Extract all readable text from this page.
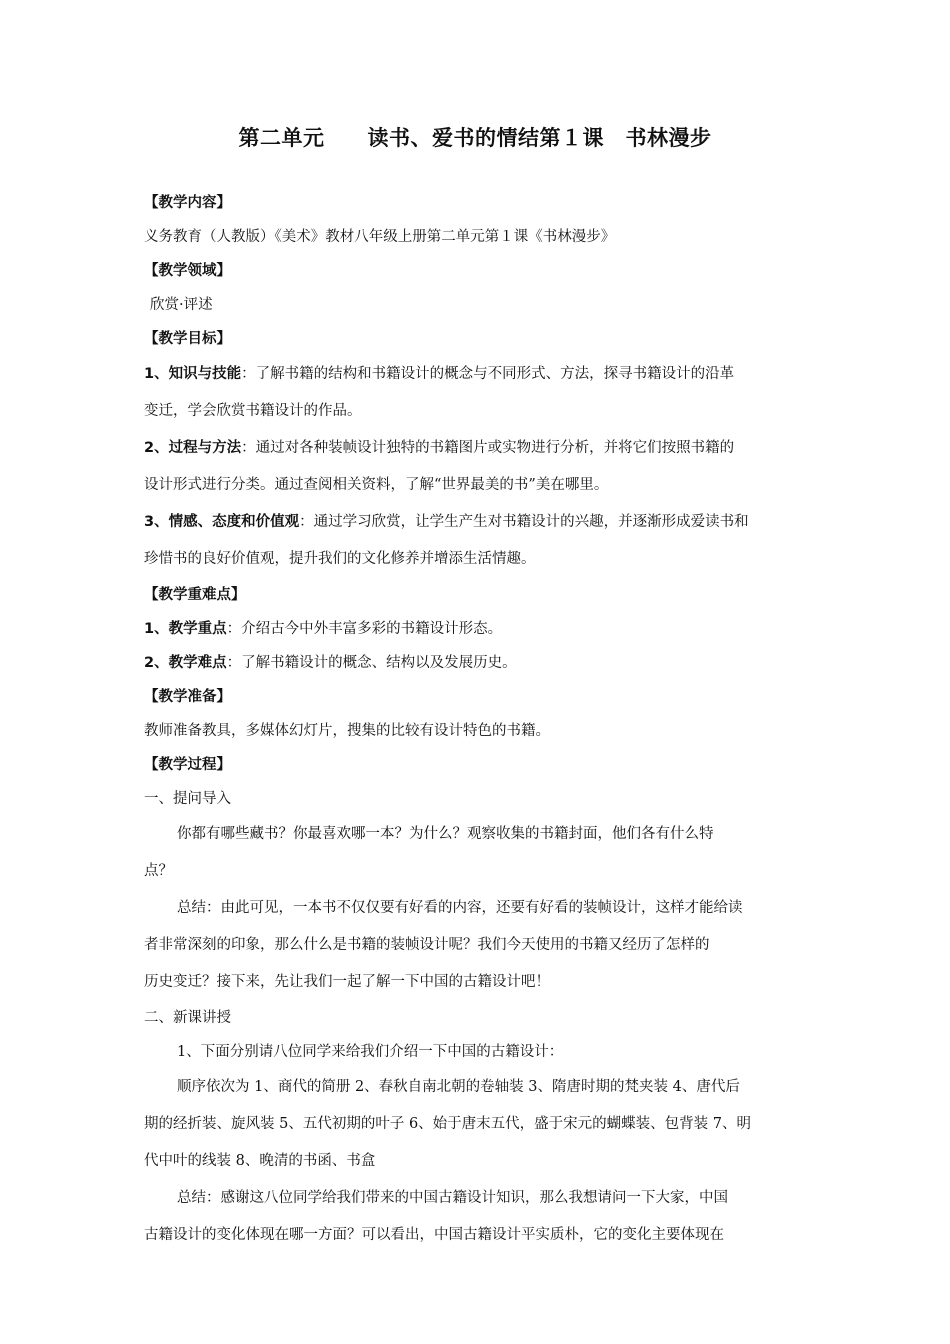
第二单元　　读书、爱书的情结第１课　书林漫步
【教学内容】
义务教育（人教版）《美术》教材八年级上册第二单元第１课《书林漫步》
【教学领域】
欣赏·评述
【教学目标】
1、知识与技能：了解书籍的结构和书籍设计的概念与不同形式、方法，探寻书籍设计的沿革
变迁，学会欣赏书籍设计的作品。
2、过程与方法：通过对各种装帧设计独特的书籍图片或实物进行分析，并将它们按照书籍的
设计形式进行分类。通过查阅相关资料，了解“世界最美的书”美在哪里。
3、情感、态度和价值观：通过学习欣赏，让学生产生对书籍设计的兴趣，并逐渐形成爱读书和
珍惜书的良好价值观，提升我们的文化修养并增添生活情趣。
【教学重难点】
1、教学重点：介绍古今中外丰富多彩的书籍设计形态。
2、教学难点：了解书籍设计的概念、结构以及发展历史。
【教学准备】
教师准备教具，多媒体幻灯片，搜集的比较有设计特色的书籍。
【教学过程】
一、提问导入
你都有哪些藏书？你最喜欢哪一本？为什么？观察收集的书籍封面，他们各有什么特
点？
总结：由此可见，一本书不仅仅要有好看的内容，还要有好看的装帧设计，这样才能给读
者非常深刻的印象，那么什么是书籍的装帧设计呢？我们今天使用的书籍又经历了怎样的
历史变迁？接下来，先让我们一起了解一下中国的古籍设计吧！
二、新课讲授
1、下面分别请八位同学来给我们介绍一下中国的古籍设计：
顺序依次为 1、商代的简册 2、春秋自南北朝的卷轴装 3、隋唐时期的梵夹装 4、唐代后
期的经折装、旋风装 5、五代初期的叶子 6、始于唐末五代，盛于宋元的蝴蝶装、包背装 7、明
代中叶的线装 8、晚清的书函、书盒
总结：感谢这八位同学给我们带来的中国古籍设计知识，那么我想请问一下大家，中国
古籍设计的变化体现在哪一方面？可以看出，中国古籍设计平实质朴，它的变化主要体现在
